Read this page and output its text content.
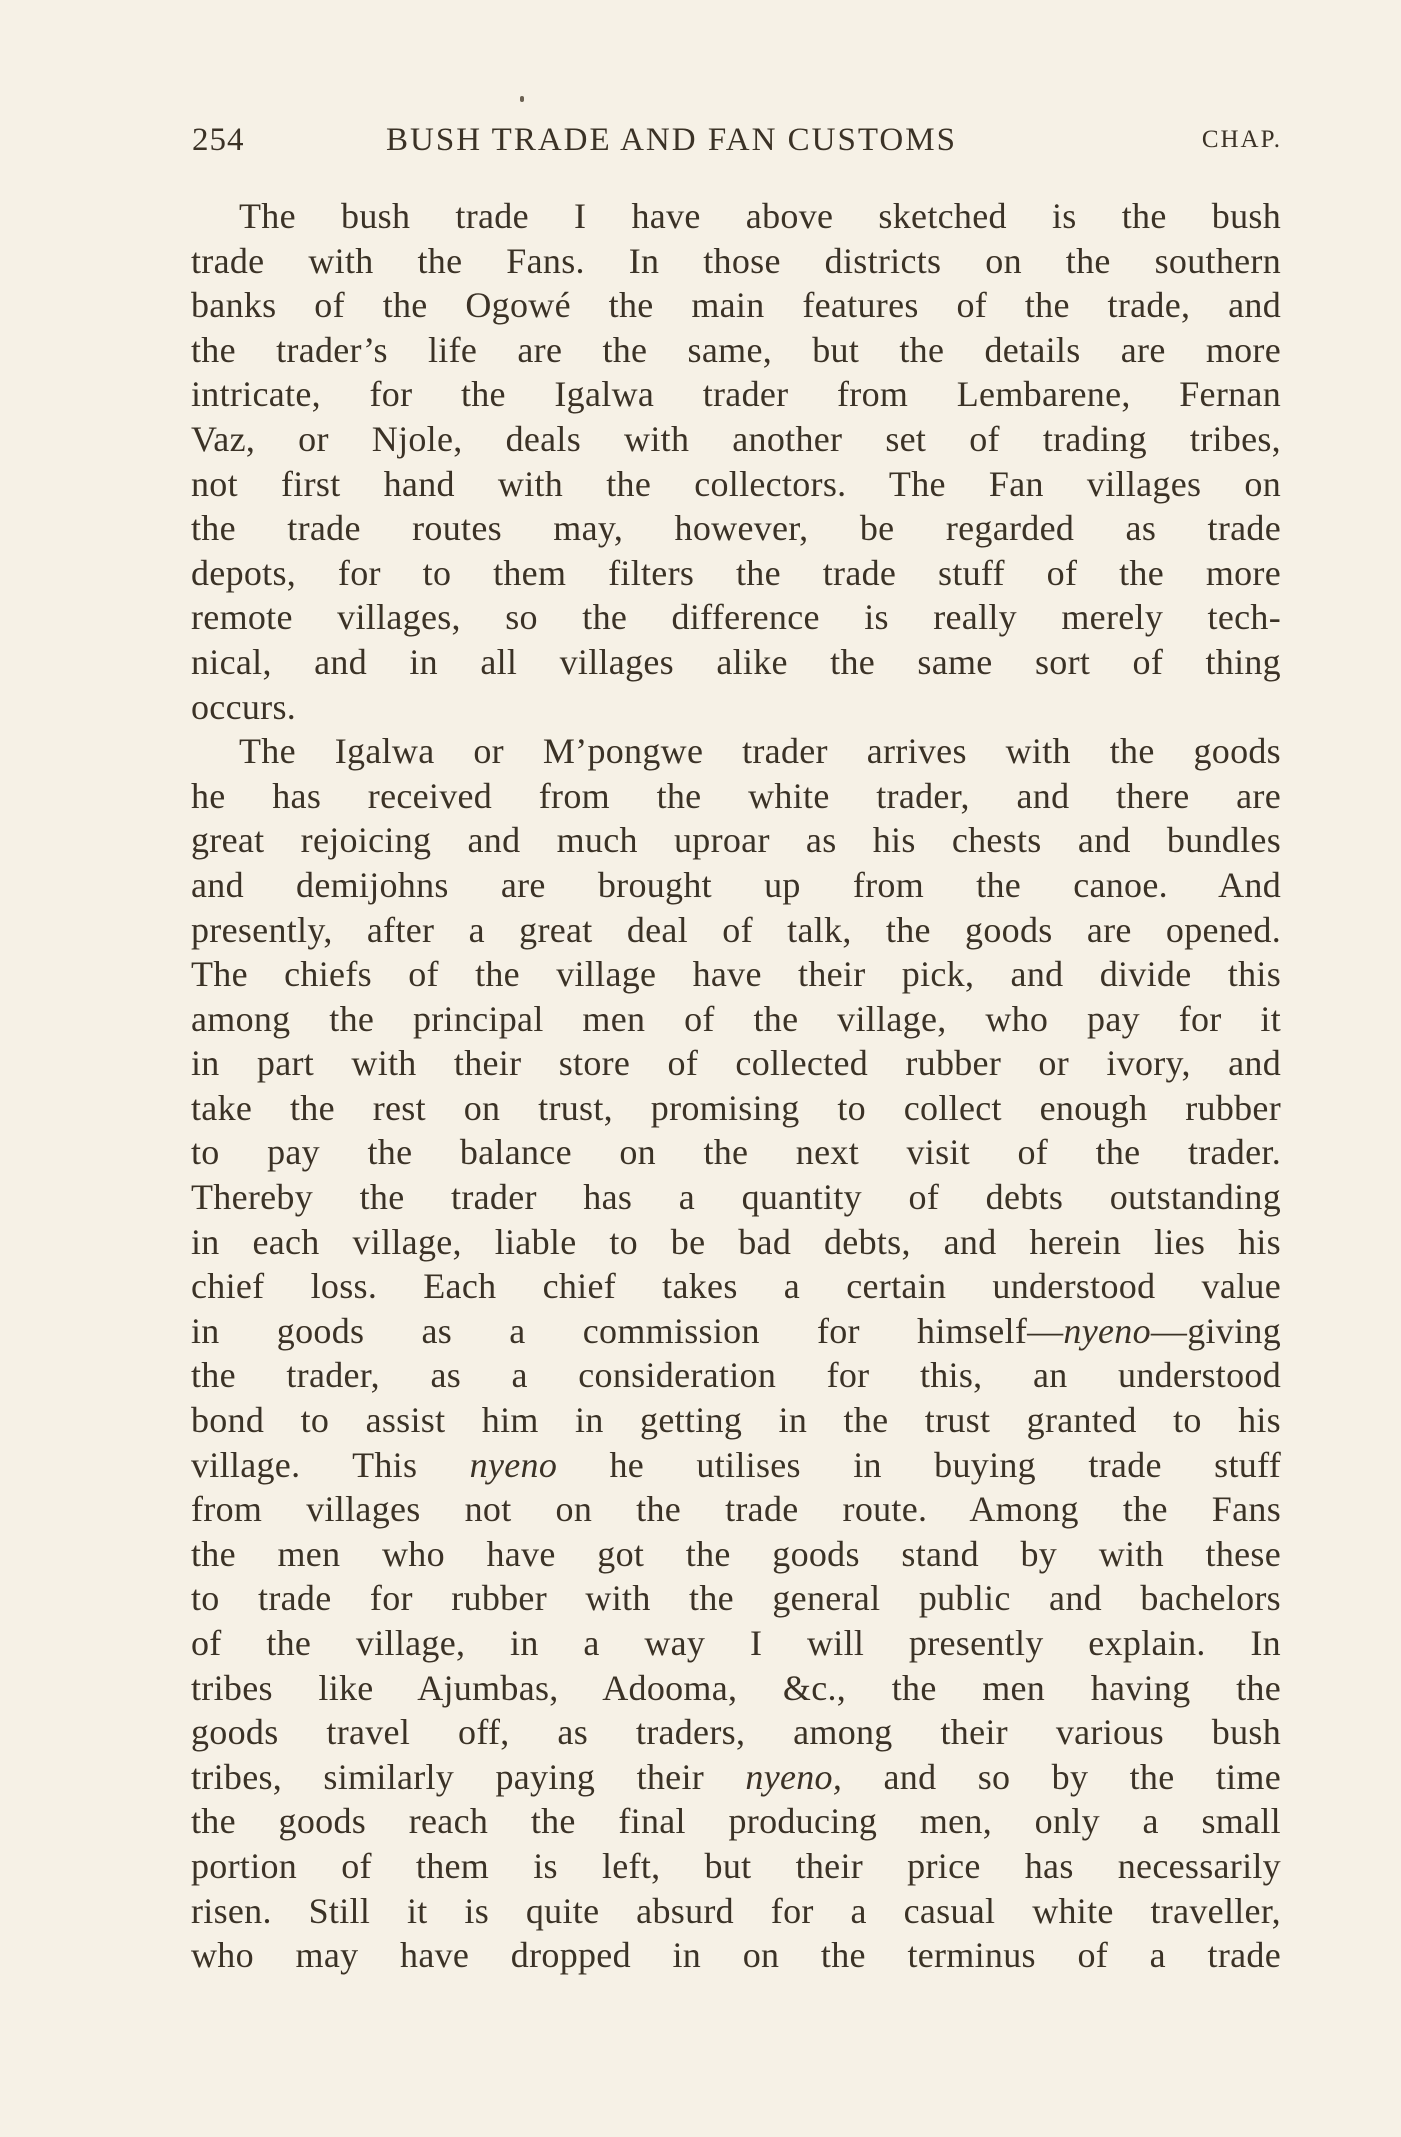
254	BUSH TRADE AND FAN CUSTOMS	CHAP.
The bush trade I have above sketched is the bush
trade with the Fans. In those districts on the southern
banks of the Ogowé the main features of the trade, and
the trader’s life are the same, but the details are more
intricate, for the Igalwa trader from Lembarene, Fernan
Vaz, or Njole, deals with another set of trading tribes,
not first hand with the collectors. The Fan villages on
the trade routes may, however, be regarded as trade
depots, for to them filters the trade stuff of the more
remote villages, so the difference is really merely tech-
nical, and in all villages alike the same sort of thing
occurs.
The Igalwa or M’pongwe trader arrives with the goods
he has received from the white trader, and there are
great rejoicing and much uproar as his chests and bundles
and demijohns are brought up from the canoe. And
presently, after a great deal of talk, the goods are opened.
The chiefs of the village have their pick, and divide this
among the principal men of the village, who pay for it
in part with their store of collected rubber or ivory, and
take the rest on trust, promising to collect enough rubber
to pay the balance on the next visit of the trader.
Thereby the trader has a quantity of debts outstanding
in each village, liable to be bad debts, and herein lies his
chief loss. Each chief takes a certain understood value
in goods as a commission for himself—nyeno—giving
the trader, as a consideration for this, an understood
bond to assist him in getting in the trust granted to his
village. This nyeno he utilises in buying trade stuff
from villages not on the trade route. Among the Fans
the men who have got the goods stand by with these
to trade for rubber with the general public and bachelors
of the village, in a way I will presently explain. In
tribes like Ajumbas, Adooma, &c., the men having the
goods travel off, as traders, among their various bush
tribes, similarly paying their nyeno, and so by the time
the goods reach the final producing men, only a small
portion of them is left, but their price has necessarily
risen. Still it is quite absurd for a casual white traveller,
who may have dropped in on the terminus of a trade
